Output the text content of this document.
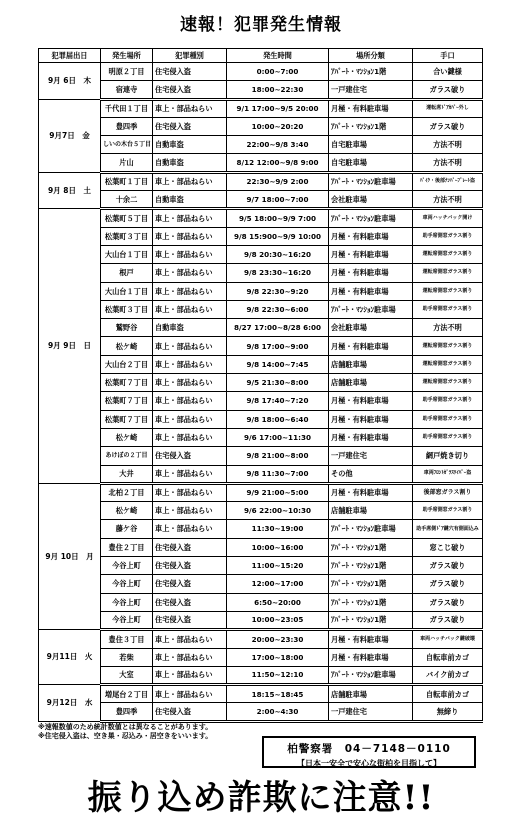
速報！犯罪発生情報
犯罪届出日	発生場所	犯罪種別	発生時間	場所分類	手口
9月 6日　木	明原２丁目	住宅侵入盗	0:00~7:00	ｱﾊﾟｰﾄ・ﾏﾝｼｮﾝ1階	合い鍵様
	宿連寺	住宅侵入盗	18:00~22:30	一戸建住宅	ガラス破り
9月7日　金	千代田１丁目	車上・部品ねらい	9/1 17:00~9/5 20:00	月極・有料駐車場	運転席ﾄﾞｱｶﾊﾞｰ外し
	豊四季	住宅侵入盗	10:00~20:20	ｱﾊﾟｰﾄ・ﾏﾝｼｮﾝ1階	ガラス破り
	しいの木台５丁目	自動車盗	22:00~9/8 3:40	自宅駐車場	方法不明
	片山	自動車盗	8/12 12:00~9/8 9:00	自宅駐車場	方法不明
9月 8日　土	松葉町１丁目	車上・部品ねらい	22:30~9/9 2:00	ｱﾊﾟｰﾄ・ﾏﾝｼｮﾝ駐車場	ﾊﾞｲｸ・後部ﾅﾝﾊﾞｰﾌﾟﾚｰﾄ盗
	十余二	自動車盗	9/7 18:00~7:00	会社駐車場	方法不明
9月 9日　日	松葉町５丁目	車上・部品ねらい	9/5 18:00~9/9 7:00	ｱﾊﾟｰﾄ・ﾏﾝｼｮﾝ駐車場	車両ハッチバック開け
	松葉町３丁目	車上・部品ねらい	9/8 15:900~9/9 10:00	月極・有料駐車場	助手席側窓ガラス割り
	大山台１丁目	車上・部品ねらい	9/8 20:30~16:20	月極・有料駐車場	運転席側窓ガラス割り
	根戸	車上・部品ねらい	9/8 23:30~16:20	月極・有料駐車場	運転席側窓ガラス割り
	大山台１丁目	車上・部品ねらい	9/8 22:30~9:20	月極・有料駐車場	運転席側窓ガラス割り
	松葉町３丁目	車上・部品ねらい	9/8 22:30~6:00	ｱﾊﾟｰﾄ・ﾏﾝｼｮﾝ駐車場	助手席側窓ガラス割り
	鷲野谷	自動車盗	8/27 17:00~8/28 6:00	会社駐車場	方法不明
	松ケ崎	車上・部品ねらい	9/8 17:00~9:00	月極・有料駐車場	運転席側窓ガラス割り
	大山台２丁目	車上・部品ねらい	9/8 14:00~7:45	店舗駐車場	運転席側窓ガラス割り
	松葉町７丁目	車上・部品ねらい	9/5 21:30~8:00	店舗駐車場	運転席側窓ガラス割り
	松葉町７丁目	車上・部品ねらい	9/8 17:40~7:20	月極・有料駐車場	助手席側窓ガラス割り
	松葉町７丁目	車上・部品ねらい	9/8 18:00~6:40	月極・有料駐車場	助手席側窓ガラス割り
	松ケ崎	車上・部品ねらい	9/6 17:00~11:30	月極・有料駐車場	助手席側窓ガラス割り
	あけぼの２丁目	住宅侵入盗	9/8 21:00~8:00	一戸建住宅	網戸焼き切り
	大井	車上・部品ねらい	9/8 11:30~7:00	その他	車両ﾌﾛﾝﾄｶﾞﾗｽﾜｲﾊﾟｰ盗
9月 10日　月	北柏２丁目	車上・部品ねらい	9/9 21:00~5:00	月極・有料駐車場	後部窓ガラス割り
	松ケ崎	車上・部品ねらい	9/6 22:00~10:30	店舗駐車場	助手席側窓ガラス割り
	藤ケ谷	車上・部品ねらい	11:30~19:00	ｱﾊﾟｰﾄ・ﾏﾝｼｮﾝ駐車場	助手席側ﾄﾞｱ鍵穴有側面込み
	豊住２丁目	住宅侵入盗	10:00~16:00	ｱﾊﾟｰﾄ・ﾏﾝｼｮﾝ1階	窓こじ破り
	今谷上町	住宅侵入盗	11:00~15:20	ｱﾊﾟｰﾄ・ﾏﾝｼｮﾝ1階	ガラス破り
	今谷上町	住宅侵入盗	12:00~17:00	ｱﾊﾟｰﾄ・ﾏﾝｼｮﾝ1階	ガラス破り
	今谷上町	住宅侵入盗	6:50~20:00	ｱﾊﾟｰﾄ・ﾏﾝｼｮﾝ1階	ガラス破り
	今谷上町	住宅侵入盗	10:00~23:05	ｱﾊﾟｰﾄ・ﾏﾝｼｮﾝ1階	ガラス破り
9月11日　火	豊住３丁目	車上・部品ねらい	20:00~23:30	月極・有料駐車場	車両ハッチバック鍵破壊
	若柴	車上・部品ねらい	17:00~18:00	月極・有料駐車場	自転車前カゴ
	大室	車上・部品ねらい	11:50~12:10	ｱﾊﾟｰﾄ・ﾏﾝｼｮﾝ駐車場	バイク前カゴ
9月12日　水	増尾台２丁目	車上・部品ねらい	18:15~18:45	店舗駐車場	自転車前カゴ
	豊四季	住宅侵入盗	2:00~4:30	一戸建住宅	無締り
※速報数値のため統計数値とは異なることがあります。
※住宅侵入盗は、空き巣・忍込み・居空きをいいます。
柏警察署　04－7148－0110
【日本一安全で安心な街柏を目指して】
振り込め詐欺に注意!!
